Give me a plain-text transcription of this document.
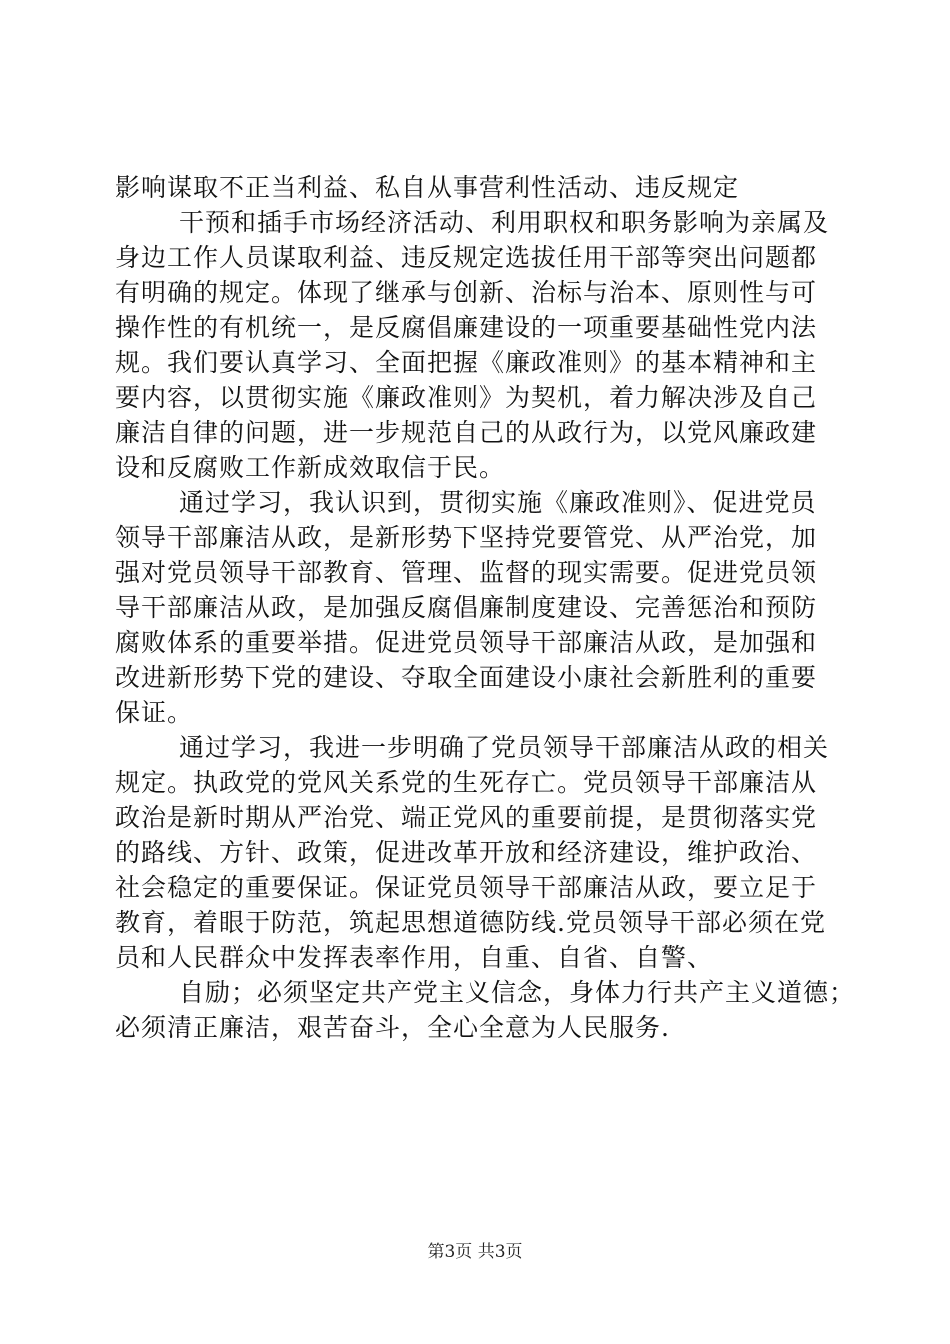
影响谋取不正当利益、私自从事营利性活动、违反规定
干预和插手市场经济活动、利用职权和职务影响为亲属及
身边工作人员谋取利益、违反规定选拔任用干部等突出问题都
有明确的规定。体现了继承与创新、治标与治本、原则性与可
操作性的有机统一，是反腐倡廉建设的一项重要基础性党内法
规。我们要认真学习、全面把握《廉政准则》的基本精神和主
要内容，以贯彻实施《廉政准则》为契机，着力解决涉及自己
廉洁自律的问题，进一步规范自己的从政行为，以党风廉政建
设和反腐败工作新成效取信于民。
通过学习，我认识到，贯彻实施《廉政准则》、促进党员
领导干部廉洁从政，是新形势下坚持党要管党、从严治党，加
强对党员领导干部教育、管理、监督的现实需要。促进党员领
导干部廉洁从政，是加强反腐倡廉制度建设、完善惩治和预防
腐败体系的重要举措。促进党员领导干部廉洁从政，是加强和
改进新形势下党的建设、夺取全面建设小康社会新胜利的重要
保证。
通过学习，我进一步明确了党员领导干部廉洁从政的相关
规定。执政党的党风关系党的生死存亡。党员领导干部廉洁从
政治是新时期从严治党、端正党风的重要前提，是贯彻落实党
的路线、方针、政策，促进改革开放和经济建设，维护政治、
社会稳定的重要保证。保证党员领导干部廉洁从政，要立足于
教育，着眼于防范，筑起思想道德防线.党员领导干部必须在党
员和人民群众中发挥表率作用，自重、自省、自警、
自励；必须坚定共产党主义信念，身体力行共产主义道德；
必须清正廉洁，艰苦奋斗，全心全意为人民服务.
第3页 共3页
